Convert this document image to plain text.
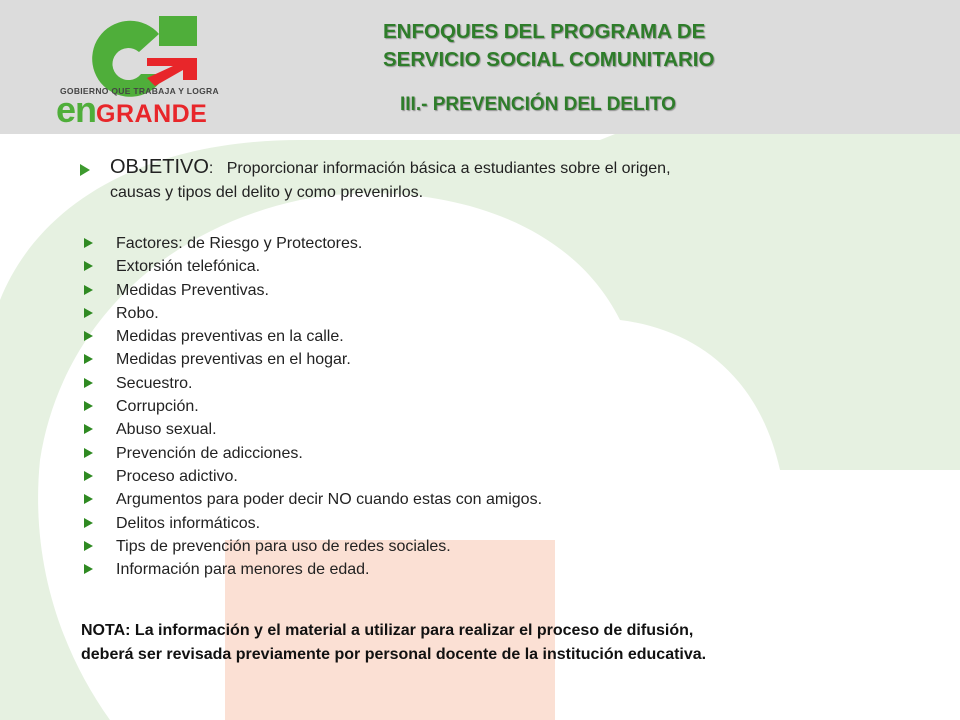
GOBIERNO QUE TRABAJA Y LOGRA
enGRANDE
ENFOQUES DEL PROGRAMA DE
SERVICIO SOCIAL COMUNITARIO
III.- PREVENCIÓN DEL DELITO
OBJETIVO: Proporcionar información básica a estudiantes sobre el origen,
causas y tipos del delito y como prevenirlos.
Factores: de Riesgo y Protectores.
Extorsión telefónica.
Medidas Preventivas.
Robo.
Medidas preventivas en la calle.
Medidas preventivas en el hogar.
Secuestro.
Corrupción.
Abuso sexual.
Prevención de adicciones.
Proceso adictivo.
Argumentos para poder decir NO cuando estas con amigos.
Delitos informáticos.
Tips de prevención para uso de redes sociales.
Información para menores de edad.
NOTA: La información y el material a utilizar para realizar el proceso de difusión,
deberá ser revisada previamente por personal docente de la institución educativa.
